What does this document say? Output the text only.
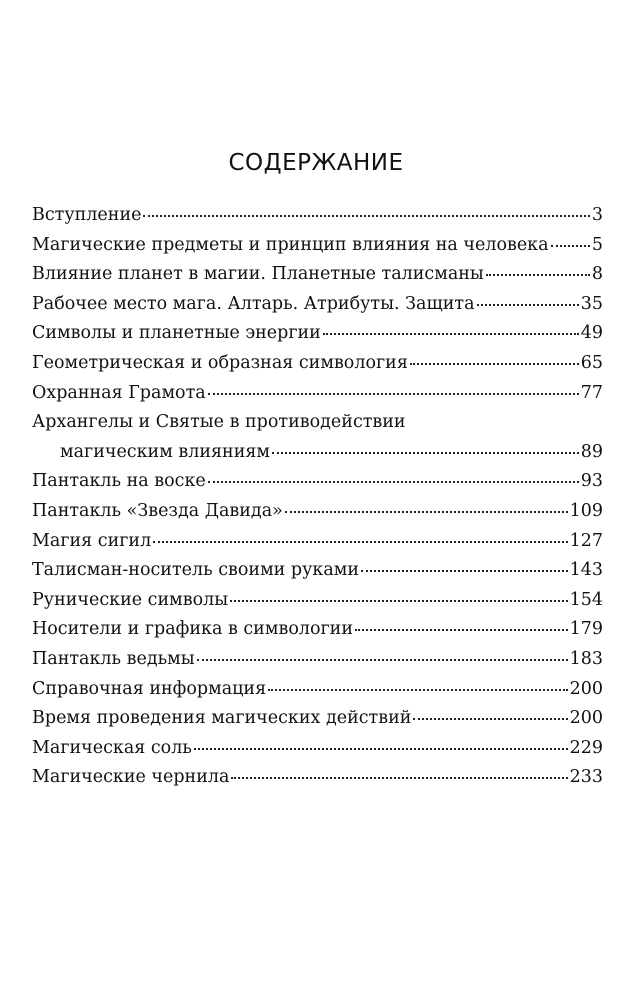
СОДЕРЖАНИЕ
Вступление	3
Магические предметы и принцип влияния на человека 5
Влияние планет в магии. Планетные талисманы	8
Рабочее место мага. Алтарь. Атрибуты. Защита	35
Символы и планетные энергии	49
Геометрическая и образная симвология	65
Охранная Грамота	77
Архангелы и Святые в противодействии
магическим влияниям	89
Пантакль на воске	93
Пантакль «Звезда Давида»	109
Магия сигил	127
Талисман-носитель своими руками	143
Рунические символы	154
Носители и графика в символогии	179
Пантакль ведьмы	183
Справочная информация	200
Время проведения магических действий	200
Магическая соль	229
Магические чернила	233
